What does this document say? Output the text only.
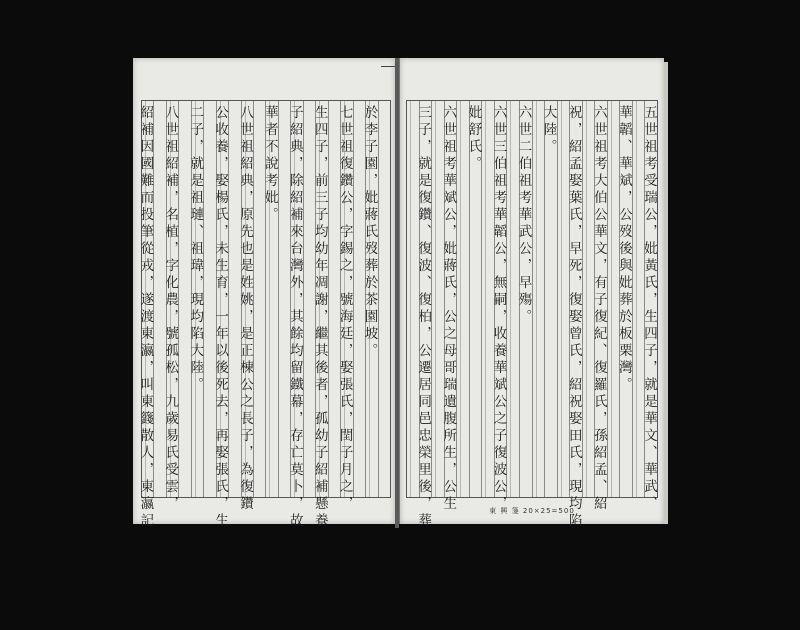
於李子園，妣蔣氏歿葬於茶園坡。
七世祖復鑽公，字錫之，號海廷，娶張氏，閏子月之，
生四子，前三子均幼年凋謝，繼其後者，孤幼子紹補懸養
子紹典，除紹補來台灣外，其餘均留鐵幕，存亡莫卜，故
華者不說考妣。
八世祖紹典，原先也是姓姚，是正棟公之長子，為復鑽
公收養，娶楊氏，未生育，一年以後死去，再娶張氏，生
二子，就是祖璉、祖瑋，現均陷大陸。
八世祖紹補，名植，字化農，號孤松，九歲易氏受雲，
紹補因國難而投筆從戎，遂渡東瀛，叫東籛散人，東瀛記	五世祖考受瑞公，妣黃氏，生四子，就是華文、華武、
華韜、華斌，公歿後與妣葬於板栗灣。
六世祖考大伯公華文，有子復紀、復羅氏，孫紹孟、紹
祝，紹孟娶葉氏，早死，復娶曾氏，紹祝娶田氏，現均陷
大陸。
六世二伯祖考華武公，早殤。
六世三伯祖考華韜公，無嗣，收養華斌公之子復波公，
妣舒氏。
六世祖考華斌公，妣蔣氏，公之母哥瑞遺腹所生，公生
三子，就是復鑽、復波、復柏，公遷居同邑忠榮里後，葬	東 興 箋 20×25=500
